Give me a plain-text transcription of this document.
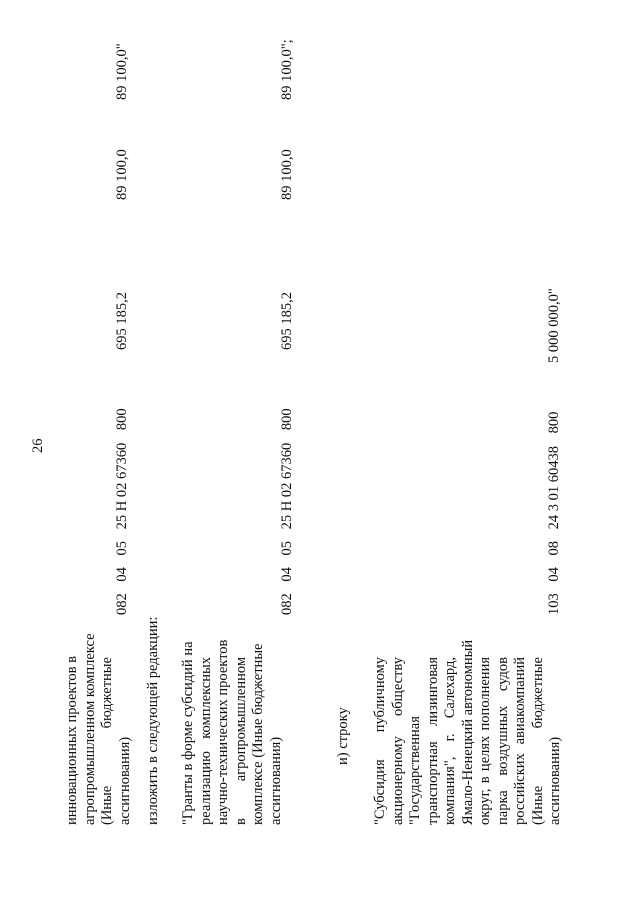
26
инновационных проектов в агропромышленном комплексе (Иные бюджетные ассигнования)
082 04 05 25 Н 02 67360 800
695 185,2
89 100,0
89 100,0"
изложить в следующей редакции: "Гранты в форме субсидий на реализацию комплексных научно-технических проектов в агропромышленном комплексе (Иные бюджетные ассигнования)
082 04 05 25 Н 02 67360 800
695 185,2
89 100,0
89 100,0";
и) строку "Субсидия публичному акционерному обществу "Государственная транспортная лизинговая компания", г. Салехард, Ямало-Ненецкий автономный округ, в целях пополнения парка воздушных судов российских авиакомпаний (Иные бюджетные ассигнования)
103 04 08 24 3 01 60438 800
5 000 000,0"
